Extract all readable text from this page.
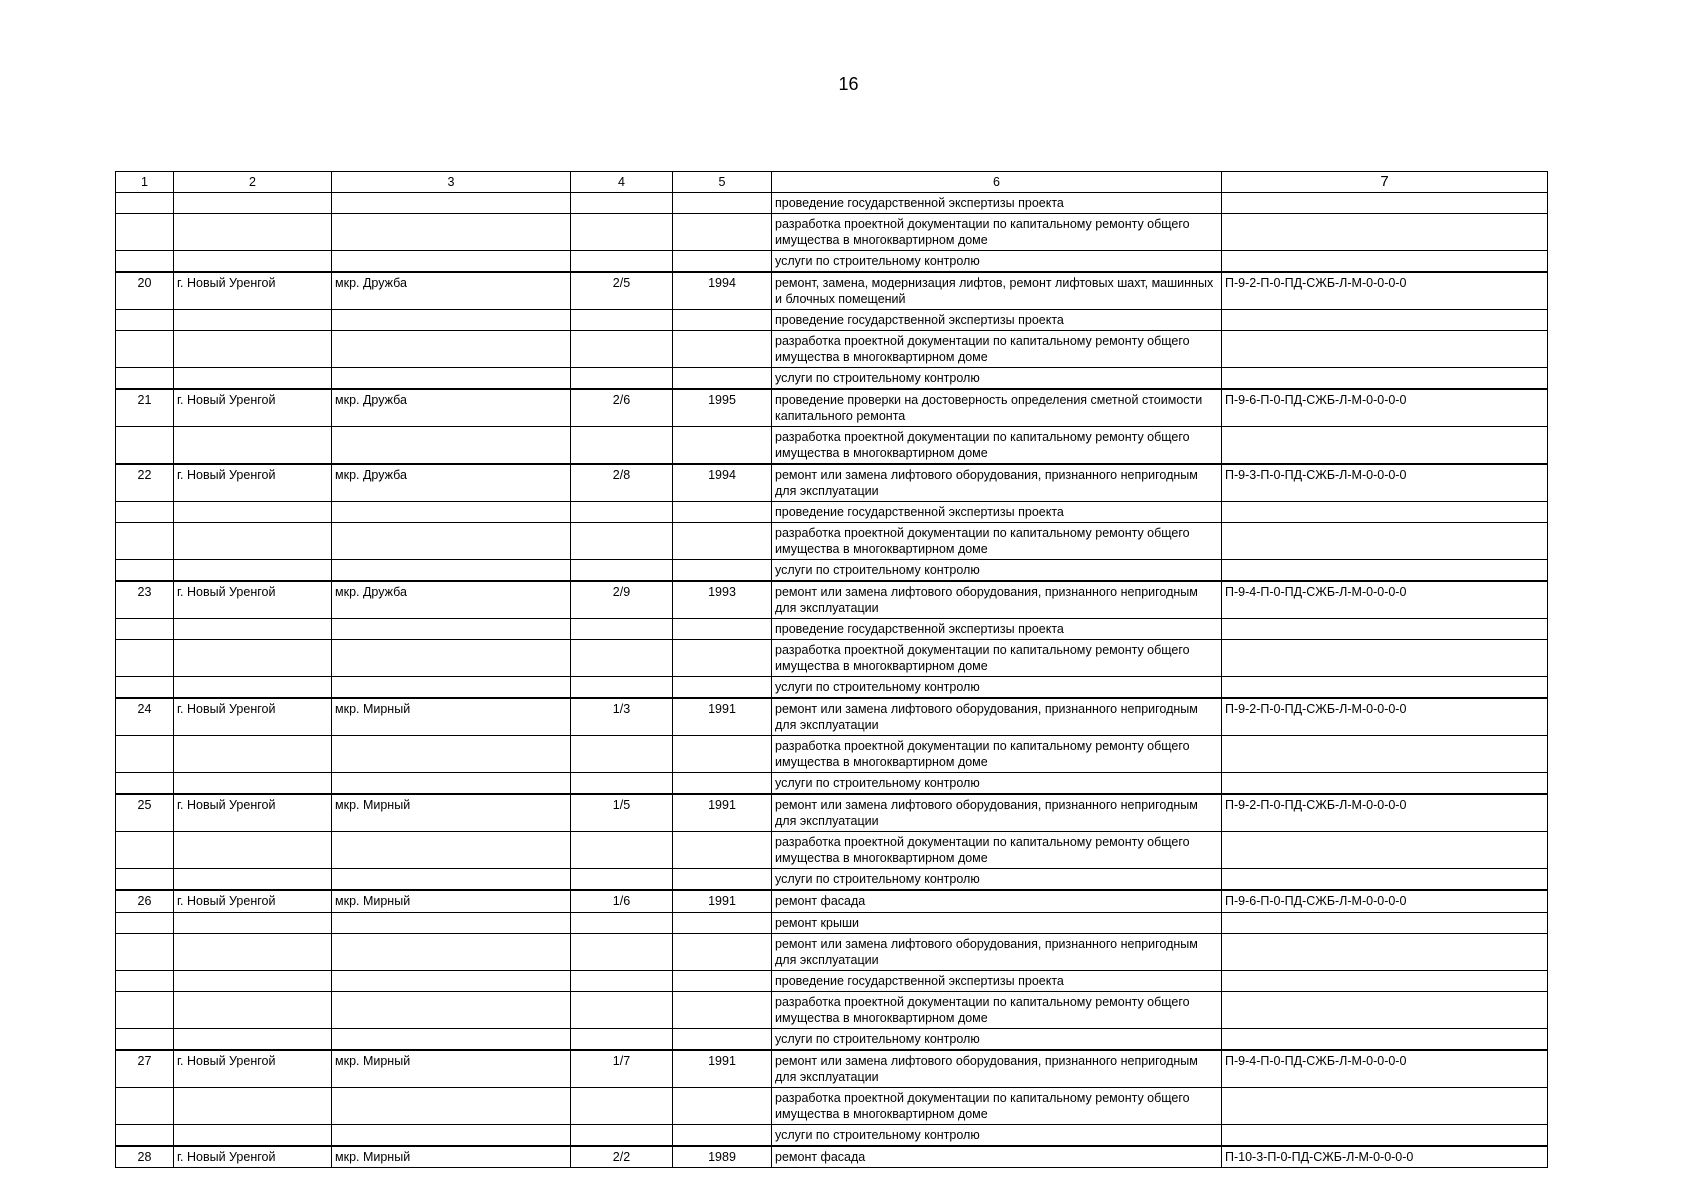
16
1	2	3	4	5	6	7
					проведение государственной экспертизы проекта	
					разработка проектной документации по капитальному ремонту общего имущества в многоквартирном доме	
					услуги по строительному контролю	
20	г. Новый Уренгой	мкр. Дружба	2/5	1994	ремонт, замена, модернизация лифтов, ремонт лифтовых шахт, машинных и блочных помещений	П-9-2-П-0-ПД-СЖБ-Л-М-0-0-0-0
					проведение государственной экспертизы проекта	
					разработка проектной документации по капитальному ремонту общего имущества в многоквартирном доме	
					услуги по строительному контролю	
21	г. Новый Уренгой	мкр. Дружба	2/6	1995	проведение проверки на достоверность определения сметной стоимости капитального ремонта	П-9-6-П-0-ПД-СЖБ-Л-М-0-0-0-0
					разработка проектной документации по капитальному ремонту общего имущества в многоквартирном доме	
22	г. Новый Уренгой	мкр. Дружба	2/8	1994	ремонт или замена лифтового оборудования, признанного непригодным для эксплуатации	П-9-3-П-0-ПД-СЖБ-Л-М-0-0-0-0
					проведение государственной экспертизы проекта	
					разработка проектной документации по капитальному ремонту общего имущества в многоквартирном доме	
					услуги по строительному контролю	
23	г. Новый Уренгой	мкр. Дружба	2/9	1993	ремонт или замена лифтового оборудования, признанного непригодным для эксплуатации	П-9-4-П-0-ПД-СЖБ-Л-М-0-0-0-0
					проведение государственной экспертизы проекта	
					разработка проектной документации по капитальному ремонту общего имущества в многоквартирном доме	
					услуги по строительному контролю	
24	г. Новый Уренгой	мкр. Мирный	1/3	1991	ремонт или замена лифтового оборудования, признанного непригодным для эксплуатации	П-9-2-П-0-ПД-СЖБ-Л-М-0-0-0-0
					разработка проектной документации по капитальному ремонту общего имущества в многоквартирном доме	
					услуги по строительному контролю	
25	г. Новый Уренгой	мкр. Мирный	1/5	1991	ремонт или замена лифтового оборудования, признанного непригодным для эксплуатации	П-9-2-П-0-ПД-СЖБ-Л-М-0-0-0-0
					разработка проектной документации по капитальному ремонту общего имущества в многоквартирном доме	
					услуги по строительному контролю	
26	г. Новый Уренгой	мкр. Мирный	1/6	1991	ремонт фасада	П-9-6-П-0-ПД-СЖБ-Л-М-0-0-0-0
					ремонт крыши	
					ремонт или замена лифтового оборудования, признанного непригодным для эксплуатации	
					проведение государственной экспертизы проекта	
					разработка проектной документации по капитальному ремонту общего имущества в многоквартирном доме	
					услуги по строительному контролю	
27	г. Новый Уренгой	мкр. Мирный	1/7	1991	ремонт или замена лифтового оборудования, признанного непригодным для эксплуатации	П-9-4-П-0-ПД-СЖБ-Л-М-0-0-0-0
					разработка проектной документации по капитальному ремонту общего имущества в многоквартирном доме	
					услуги по строительному контролю	
28	г. Новый Уренгой	мкр. Мирный	2/2	1989	ремонт фасада	П-10-3-П-0-ПД-СЖБ-Л-М-0-0-0-0
